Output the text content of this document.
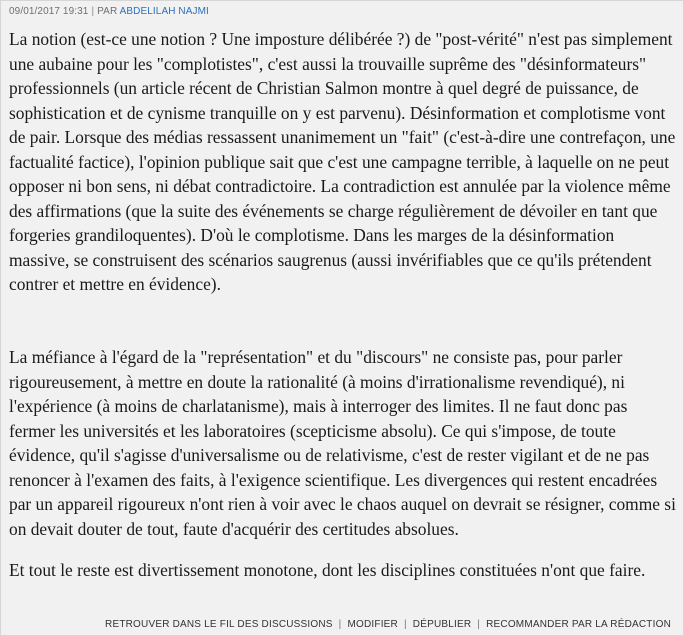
09/01/2017 19:31 | PAR ABDELILAH NAJMI

La notion (est-ce une notion ? Une imposture délibérée ?) de "post-vérité" n'est pas simplement une aubaine pour les "complotistes", c'est aussi la trouvaille suprême des "désinformateurs" professionnels (un article récent de Christian Salmon montre à quel degré de puissance, de sophistication et de cynisme tranquille on y est parvenu). Désinformation et complotisme vont de pair. Lorsque des médias ressassent unanimement un "fait" (c'est-à-dire une contrefaçon, une factualité factice), l'opinion publique sait que c'est une campagne terrible, à laquelle on ne peut opposer ni bon sens, ni débat contradictoire. La contradiction est annulée par la violence même des affirmations (que la suite des événements se charge régulièrement de dévoiler en tant que forgeries grandiloquentes). D'où le complotisme. Dans les marges de la désinformation massive, se construisent des scénarios saugrenus (aussi invérifiables que ce qu'ils prétendent contrer et mettre en évidence).

La méfiance à l'égard de la "représentation" et du "discours" ne consiste pas, pour parler rigoureusement, à mettre en doute la rationalité (à moins d'irrationalisme revendiqué), ni l'expérience (à moins de charlatanisme), mais à interroger des limites. Il ne faut donc pas fermer les universités et les laboratoires (scepticisme absolu). Ce qui s'impose, de toute évidence, qu'il s'agisse d'universalisme ou de relativisme, c'est de rester vigilant et de ne pas renoncer à l'examen des faits, à l'exigence scientifique. Les divergences qui restent encadrées par un appareil rigoureux n'ont rien à voir avec le chaos auquel on devrait se résigner, comme si on devait douter de tout, faute d'acquérir des certitudes absolues.

Et tout le reste est divertissement monotone, dont les disciplines constituées n'ont que faire.

RETROUVER DANS LE FIL DES DISCUSSIONS | MODIFIER | DÉPUBLIER | RECOMMANDER PAR LA RÉDACTION
